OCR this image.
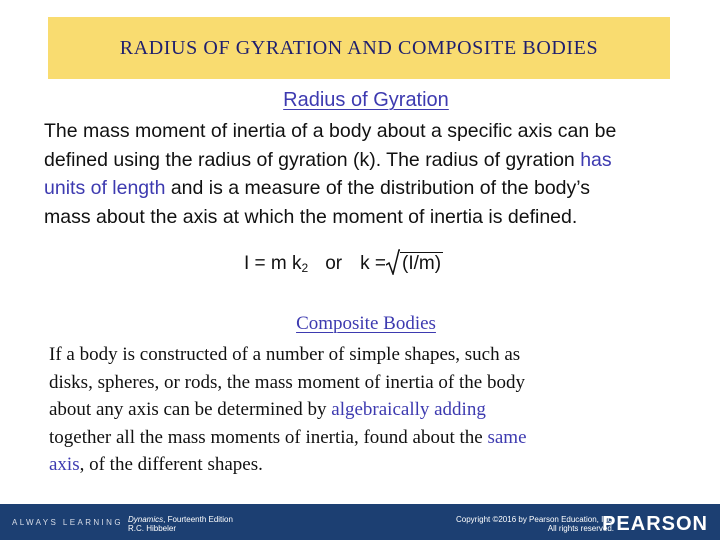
RADIUS OF GYRATION AND COMPOSITE BODIES
Radius of Gyration
The mass moment of inertia of a body about a specific axis can be
defined using the radius of gyration (k). The radius of gyration has
units of length and is a measure of the distribution of the body’s
mass about the axis at which the moment of inertia is defined.
I = m $k_2$ or k = (I/m)
Composite Bodies
If a body is constructed of a number of simple shapes, such as
disks, spheres, or rods, the mass moment of inertia of the body
about any axis can be determined by algebraically adding
together all the mass moments of inertia, found about the same
axis, of the different shapes.
ALWAYS LEARNING Dynamics, Fourteenth Edition
R.C. Hibbeler
Copyright ©2016 by Pearson Education, Inc.
All rights reserved.
PEARSON
